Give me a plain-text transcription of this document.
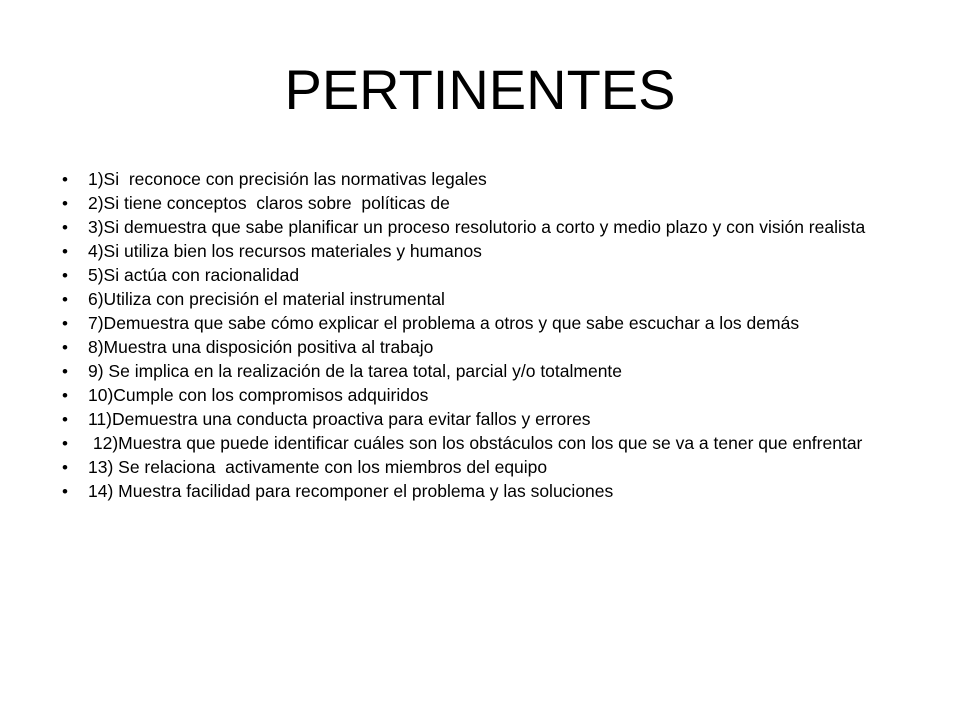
PERTINENTES
•	1)Si  reconoce con precisión las normativas legales
•	2)Si tiene conceptos  claros sobre  políticas de
•	3)Si demuestra que sabe planificar un proceso resolutorio a corto y medio plazo y con visión realista
•	4)Si utiliza bien los recursos materiales y humanos
•	5)Si actúa con racionalidad
•	6)Utiliza con precisión el material instrumental
•	7)Demuestra que sabe cómo explicar el problema a otros y que sabe escuchar a los demás
•	8)Muestra una disposición positiva al trabajo
•	9) Se implica en la realización de la tarea total, parcial y/o totalmente
•	10)Cumple con los compromisos adquiridos
•	11)Demuestra una conducta proactiva para evitar fallos y errores
•	12)Muestra que puede identificar cuáles son los obstáculos con los que se va a tener que enfrentar
•	13) Se relaciona  activamente con los miembros del equipo
•	14) Muestra facilidad para recomponer el problema y las soluciones
